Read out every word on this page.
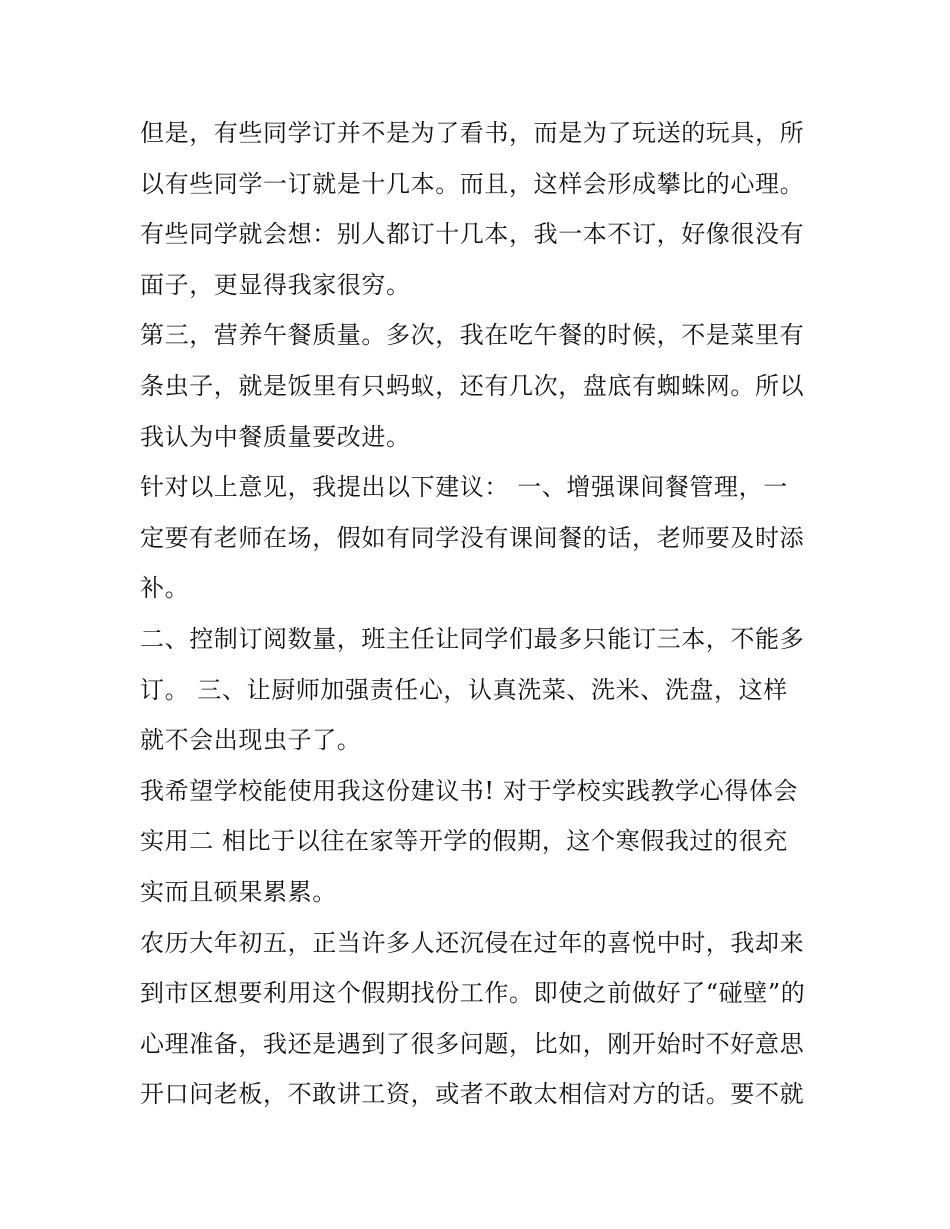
但是，有些同学订并不是为了看书，而是为了玩送的玩具，所
以有些同学一订就是十几本。而且，这样会形成攀比的心理。
有些同学就会想：别人都订十几本，我一本不订，好像很没有
面子，更显得我家很穷。
第三，营养午餐质量。多次，我在吃午餐的时候，不是菜里有
条虫子，就是饭里有只蚂蚁，还有几次，盘底有蜘蛛网。所以
我认为中餐质量要改进。
针对以上意见，我提出以下建议： 一、增强课间餐管理，一
定要有老师在场，假如有同学没有课间餐的话，老师要及时添
补。
二、控制订阅数量，班主任让同学们最多只能订三本，不能多
订。 三、让厨师加强责任心，认真洗菜、洗米、洗盘，这样
就不会出现虫子了。
我希望学校能使用我这份建议书! 对于学校实践教学心得体会
实用二 相比于以往在家等开学的假期，这个寒假我过的很充
实而且硕果累累。
农历大年初五，正当许多人还沉侵在过年的喜悦中时，我却来
到市区想要利用这个假期找份工作。即使之前做好了“碰壁”的
心理准备，我还是遇到了很多问题，比如，刚开始时不好意思
开口问老板，不敢讲工资，或者不敢太相信对方的话。要不就
